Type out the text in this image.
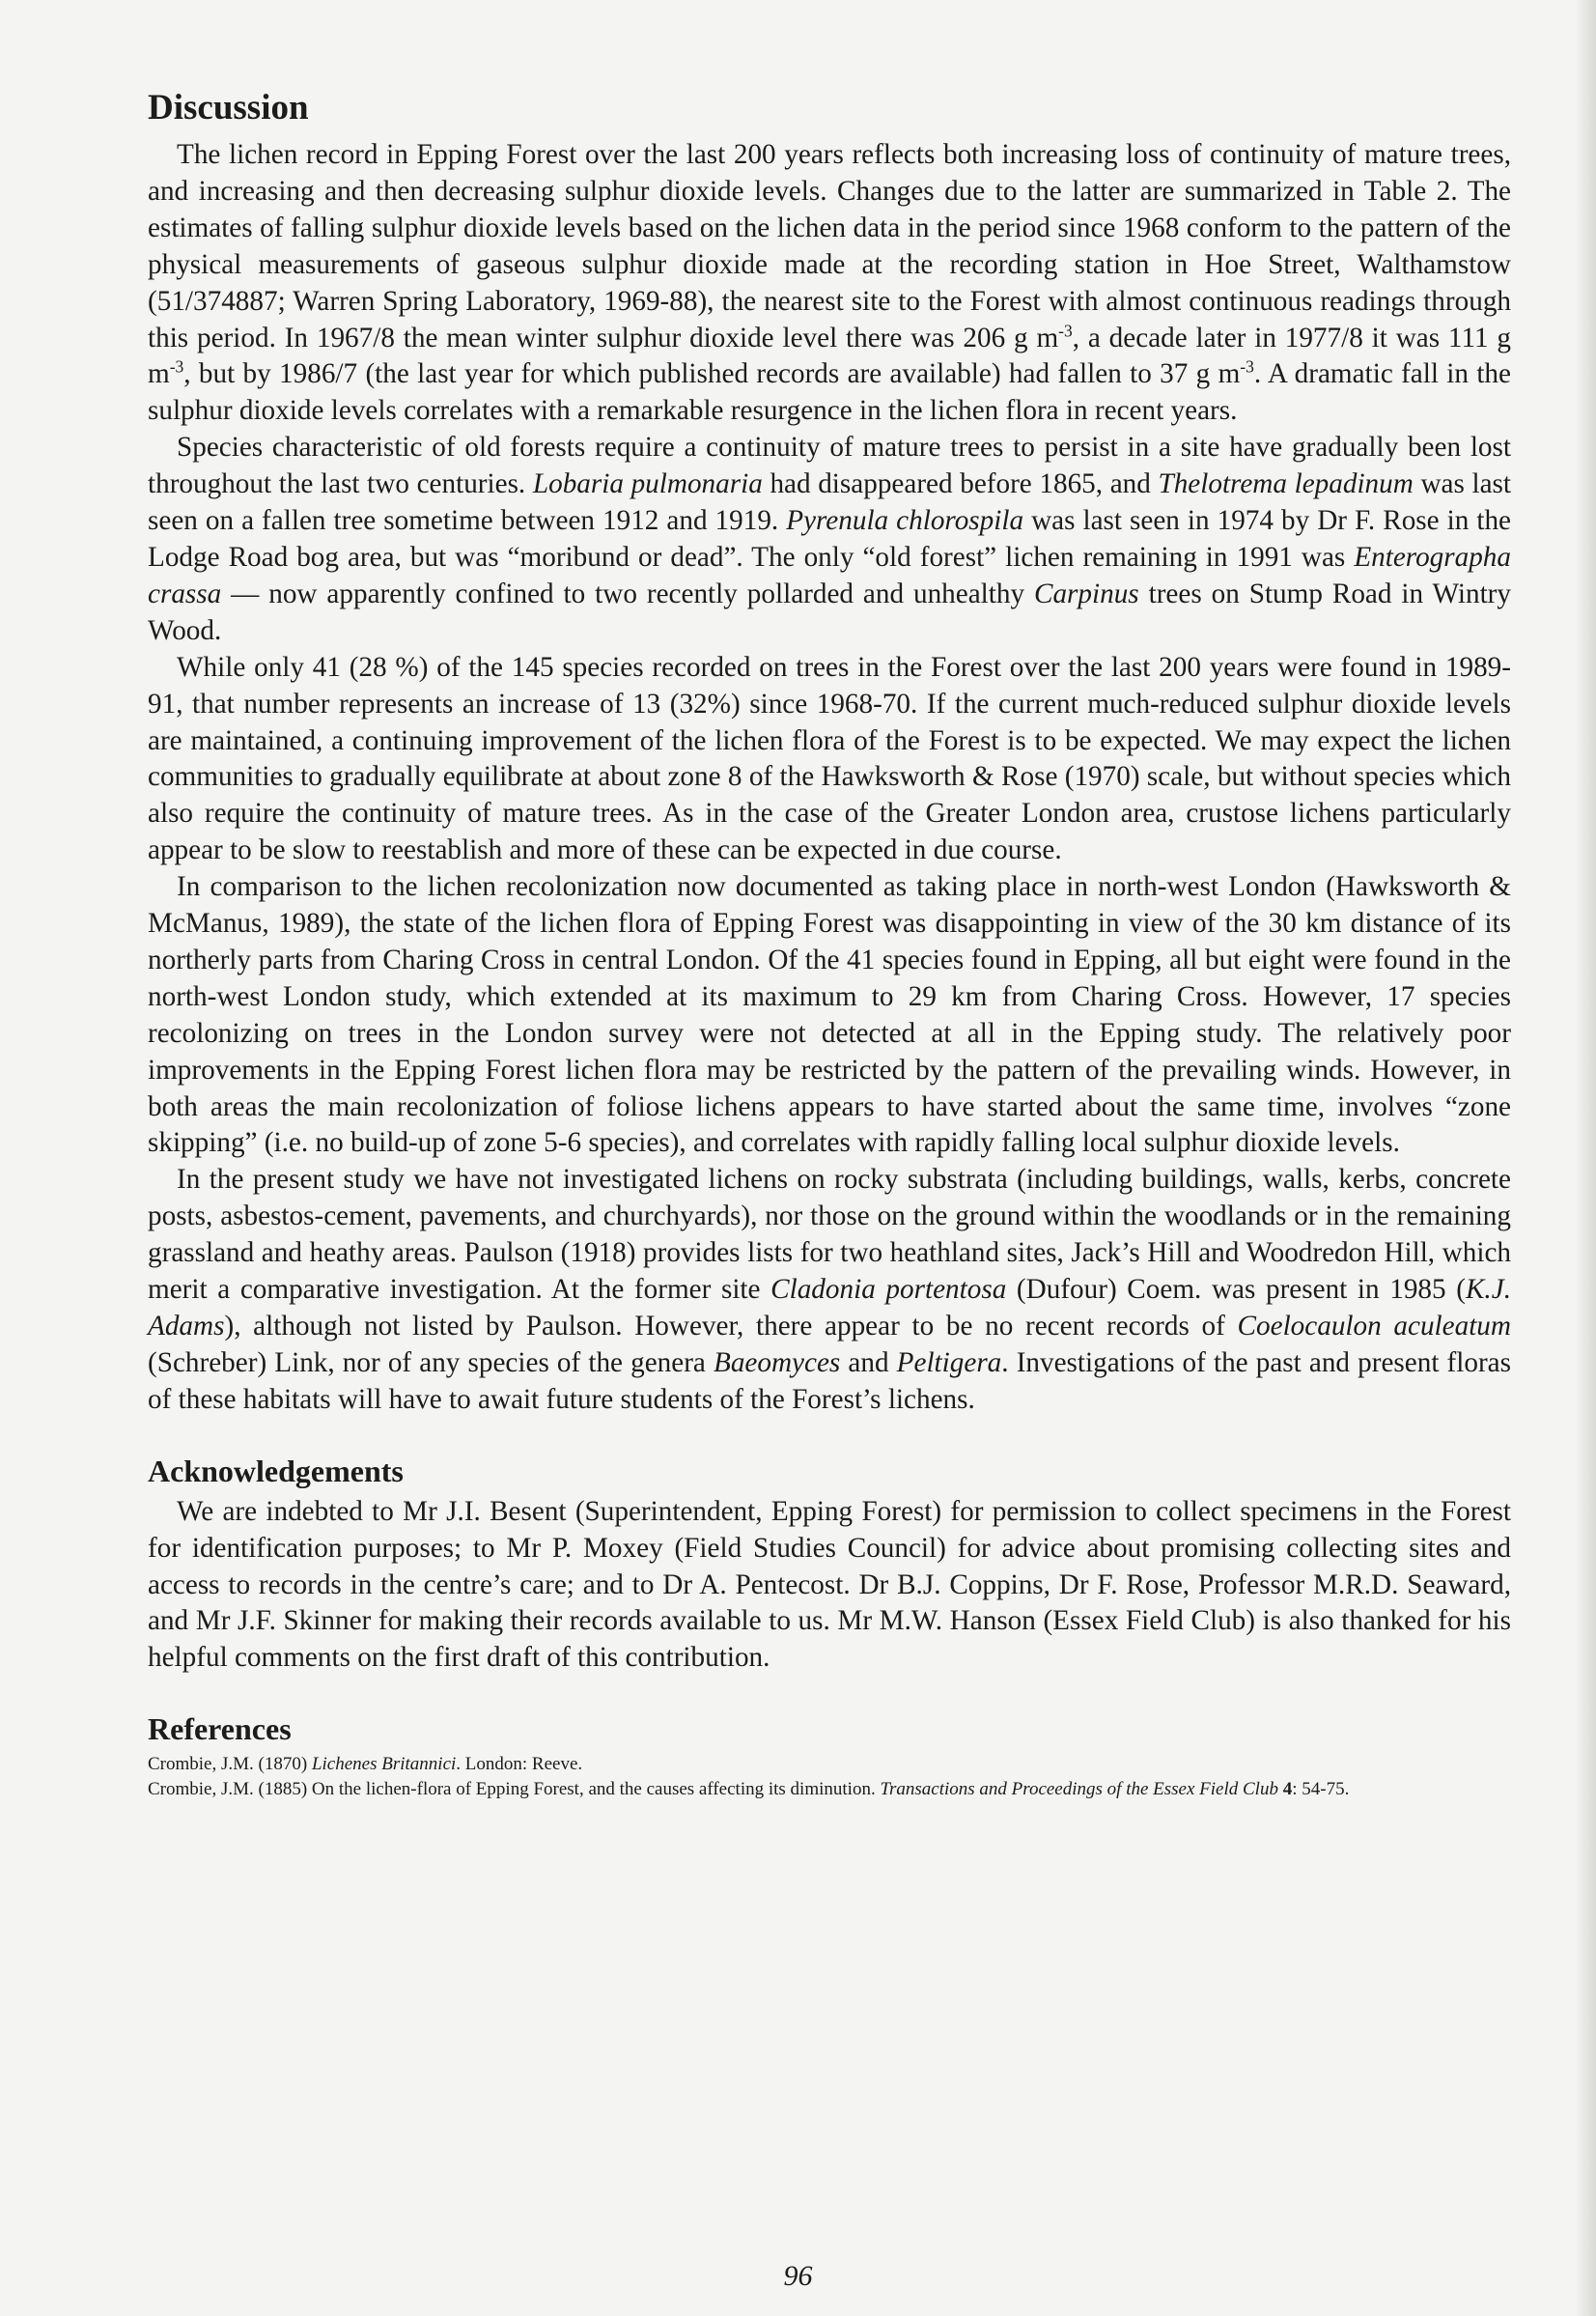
Discussion

The lichen record in Epping Forest over the last 200 years reflects both increasing loss of continuity of mature trees, and increasing and then decreasing sulphur dioxide levels. Changes due to the latter are summarized in Table 2. The estimates of falling sulphur dioxide levels based on the lichen data in the period since 1968 conform to the pattern of the physical measurements of gaseous sulphur dioxide made at the recording station in Hoe Street, Walthamstow (51/374887; Warren Spring Laboratory, 1969-88), the nearest site to the Forest with almost continuous readings through this period. In 1967/8 the mean winter sulphur dioxide level there was 206 g $m^{-3}$, a decade later in 1977/8 it was 111 g $m^{-3}$, but by 1986/7 (the last year for which published records are available) had fallen to 37 g $m^{-3}$. A dramatic fall in the sulphur dioxide levels correlates with a remarkable resurgence in the lichen flora in recent years.

Species characteristic of old forests require a continuity of mature trees to persist in a site have gradually been lost throughout the last two centuries. Lobaria pulmonaria had disappeared before 1865, and Thelotrema lepadinum was last seen on a fallen tree sometime between 1912 and 1919. Pyrenula chlorospila was last seen in 1974 by Dr F. Rose in the Lodge Road bog area, but was “moribund or dead”. The only “old forest” lichen remaining in 1991 was Enterographa crassa — now apparently confined to two recently pollarded and unhealthy Carpinus trees on Stump Road in Wintry Wood.

While only 41 (28 %) of the 145 species recorded on trees in the Forest over the last 200 years were found in 1989-91, that number represents an increase of 13 (32%) since 1968-70. If the current much-reduced sulphur dioxide levels are maintained, a continuing improvement of the lichen flora of the Forest is to be expected. We may expect the lichen communities to gradually equilibrate at about zone 8 of the Hawksworth & Rose (1970) scale, but without species which also require the continuity of mature trees. As in the case of the Greater London area, crustose lichens particularly appear to be slow to reestablish and more of these can be expected in due course.

In comparison to the lichen recolonization now documented as taking place in north-west London (Hawksworth & McManus, 1989), the state of the lichen flora of Epping Forest was disappointing in view of the 30 km distance of its northerly parts from Charing Cross in central London. Of the 41 species found in Epping, all but eight were found in the north-west London study, which extended at its maximum to 29 km from Charing Cross. However, 17 species recolonizing on trees in the London survey were not detected at all in the Epping study. The relatively poor improvements in the Epping Forest lichen flora may be restricted by the pattern of the prevailing winds. However, in both areas the main recolonization of foliose lichens appears to have started about the same time, involves “zone skipping” (i.e. no build-up of zone 5-6 species), and correlates with rapidly falling local sulphur dioxide levels.

In the present study we have not investigated lichens on rocky substrata (including buildings, walls, kerbs, concrete posts, asbestos-cement, pavements, and churchyards), nor those on the ground within the woodlands or in the remaining grassland and heathy areas. Paulson (1918) provides lists for two heathland sites, Jack’s Hill and Woodredon Hill, which merit a comparative investigation. At the former site Cladonia portentosa (Dufour) Coem. was present in 1985 (K.J. Adams), although not listed by Paulson. However, there appear to be no recent records of Coelocaulon aculeatum (Schreber) Link, nor of any species of the genera Baeomyces and Peltigera. Investigations of the past and present floras of these habitats will have to await future students of the Forest’s lichens.

Acknowledgements

We are indebted to Mr J.I. Besent (Superintendent, Epping Forest) for permission to collect specimens in the Forest for identification purposes; to Mr P. Moxey (Field Studies Council) for advice about promising collecting sites and access to records in the centre’s care; and to Dr A. Pentecost. Dr B.J. Coppins, Dr F. Rose, Professor M.R.D. Seaward, and Mr J.F. Skinner for making their records available to us. Mr M.W. Hanson (Essex Field Club) is also thanked for his helpful comments on the first draft of this contribution.

References

Crombie, J.M. (1870) Lichenes Britannici. London: Reeve.

Crombie, J.M. (1885) On the lichen-flora of Epping Forest, and the causes affecting its diminution. Transactions and Proceedings of the Essex Field Club 4: 54-75.

96
